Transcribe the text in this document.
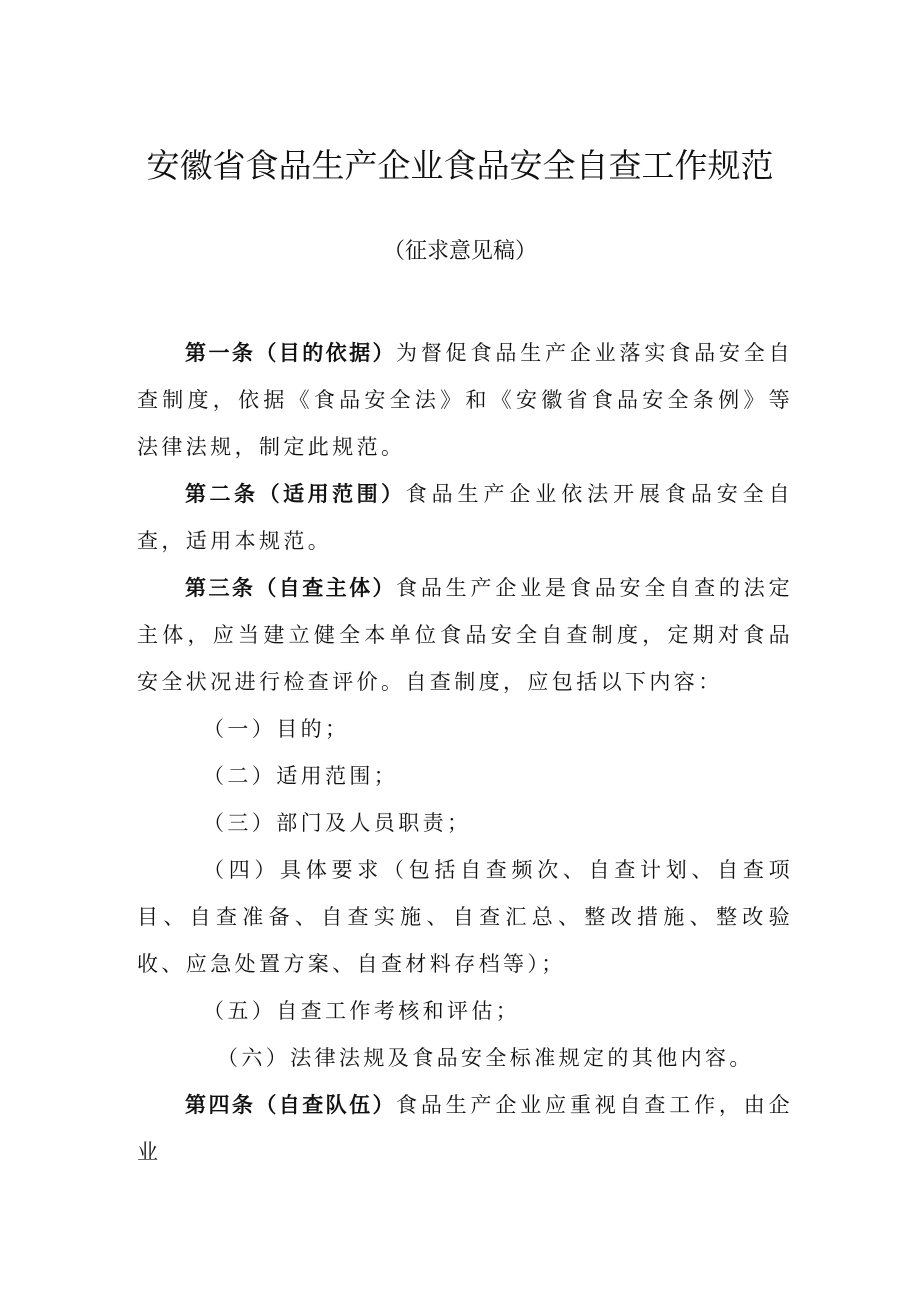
安徽省食品生产企业食品安全自查工作规范
（征求意见稿）

第一条（目的依据）为督促食品生产企业落实食品安全自查制度，依据《食品安全法》和《安徽省食品安全条例》等法律法规，制定此规范。

第二条（适用范围）食品生产企业依法开展食品安全自查，适用本规范。

第三条（自查主体）食品生产企业是食品安全自查的法定主体，应当建立健全本单位食品安全自查制度，定期对食品安全状况进行检查评价。自查制度，应包括以下内容：

（一）目的；

（二）适用范围；

（三）部门及人员职责；

（四）具体要求（包括自查频次、自查计划、自查项目、自查准备、自查实施、自查汇总、整改措施、整改验收、应急处置方案、自查材料存档等）；

（五）自查工作考核和评估；

（六）法律法规及食品安全标准规定的其他内容。

第四条（自查队伍）食品生产企业应重视自查工作，由企业
